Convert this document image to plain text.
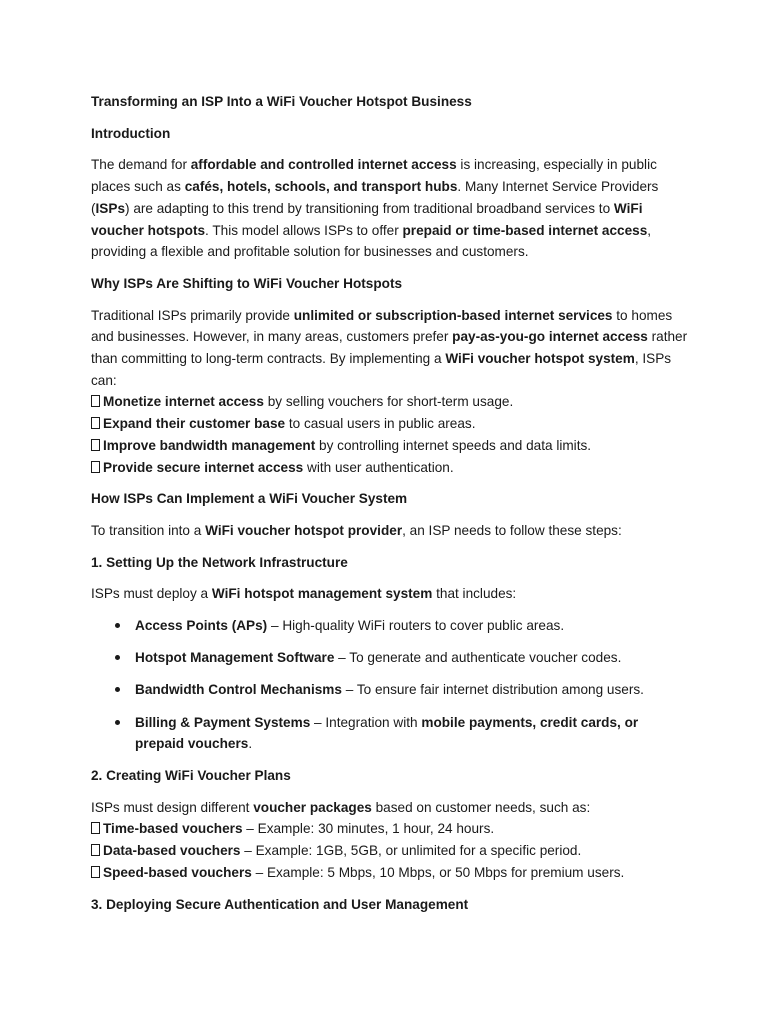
Transforming an ISP Into a WiFi Voucher Hotspot Business
Introduction

The demand for affordable and controlled internet access is increasing, especially in public places such as cafés, hotels, schools, and transport hubs. Many Internet Service Providers (ISPs) are adapting to this trend by transitioning from traditional broadband services to WiFi voucher hotspots. This model allows ISPs to offer prepaid or time-based internet access, providing a flexible and profitable solution for businesses and customers.

Why ISPs Are Shifting to WiFi Voucher Hotspots

Traditional ISPs primarily provide unlimited or subscription-based internet services to homes and businesses. However, in many areas, customers prefer pay-as-you-go internet access rather than committing to long-term contracts. By implementing a WiFi voucher hotspot system, ISPs can:

Monetize internet access by selling vouchers for short-term usage.
Expand their customer base to casual users in public areas.
Improve bandwidth management by controlling internet speeds and data limits.
Provide secure internet access with user authentication.

How ISPs Can Implement a WiFi Voucher System

To transition into a WiFi voucher hotspot provider, an ISP needs to follow these steps:

1. Setting Up the Network Infrastructure

ISPs must deploy a WiFi hotspot management system that includes:

Access Points (APs) – High-quality WiFi routers to cover public areas.
Hotspot Management Software – To generate and authenticate voucher codes.
Bandwidth Control Mechanisms – To ensure fair internet distribution among users.
Billing & Payment Systems – Integration with mobile payments, credit cards, or prepaid vouchers.
2. Creating WiFi Voucher Plans

ISPs must design different voucher packages based on customer needs, such as:

Time-based vouchers – Example: 30 minutes, 1 hour, 24 hours.
Data-based vouchers – Example: 1GB, 5GB, or unlimited for a specific period.
Speed-based vouchers – Example: 5 Mbps, 10 Mbps, or 50 Mbps for premium users.

3. Deploying Secure Authentication and User Management
